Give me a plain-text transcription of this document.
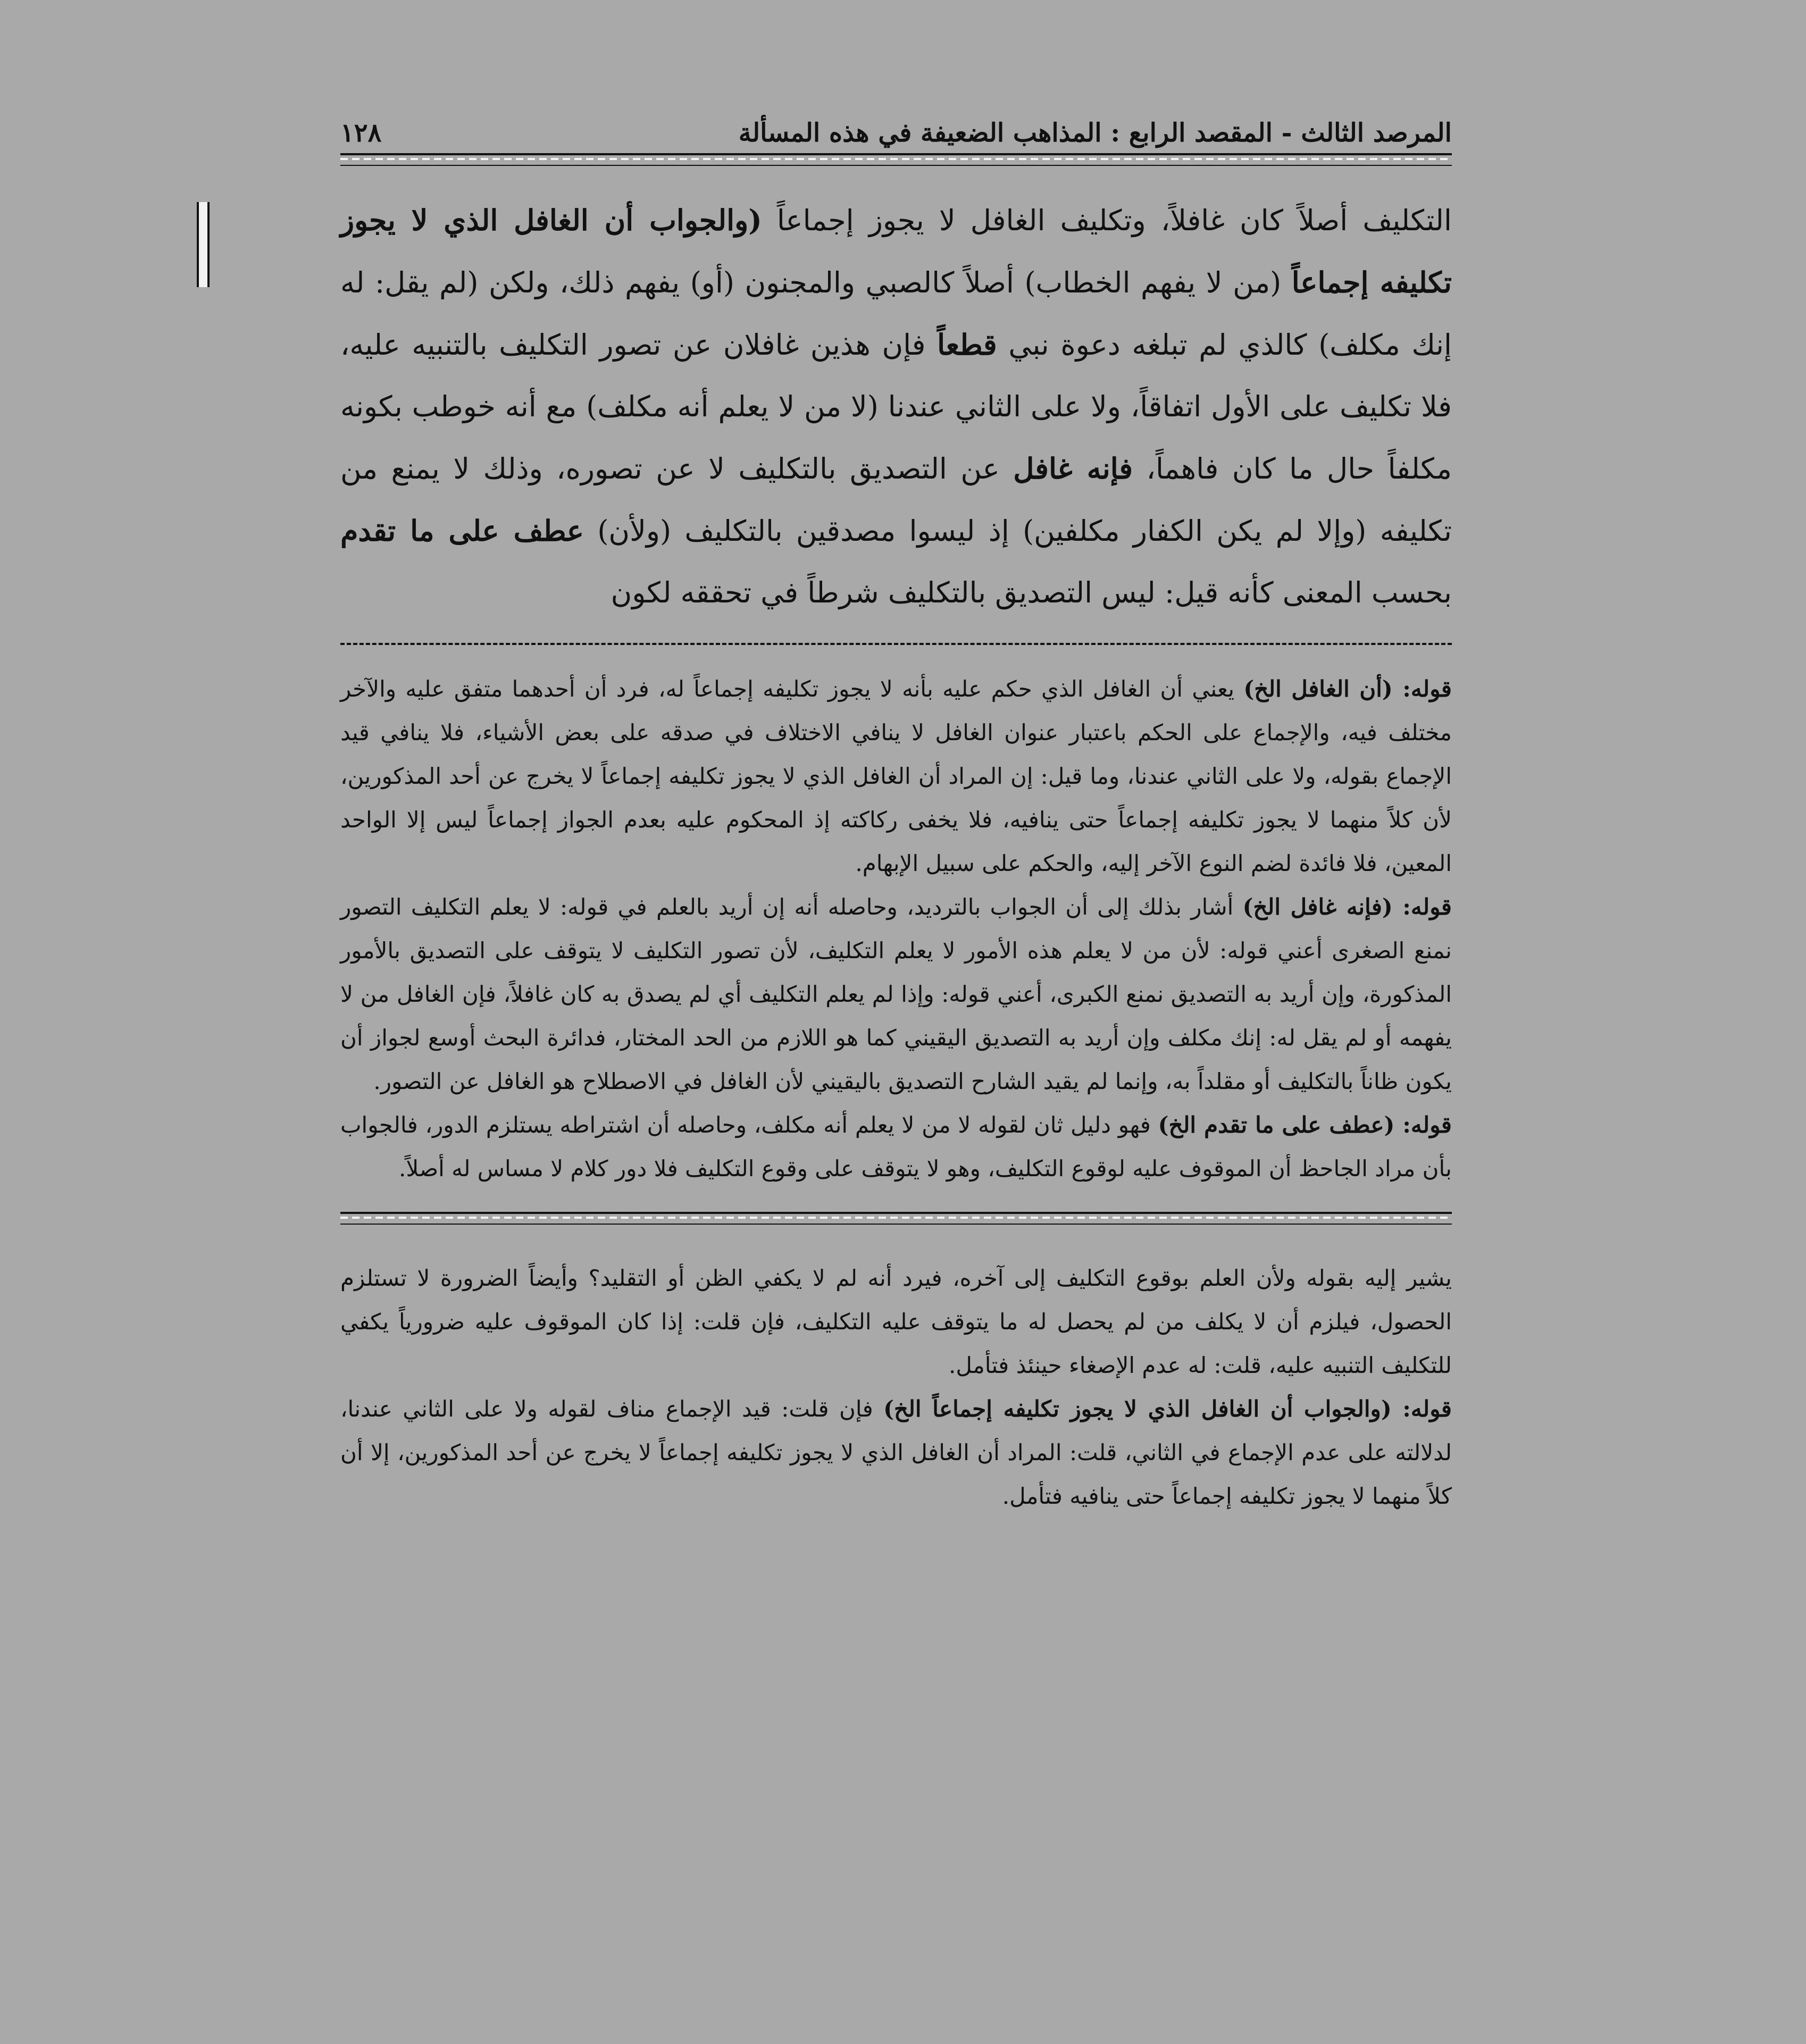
المرصد الثالث - المقصد الرابع : المذاهب الضعيفة في هذه المسألة
١٢٨
التكليف أصلاً كان غافلاً، وتكليف الغافل لا يجوز إجماعاً (والجواب أن الغافل الذي لا يجوز تكليفه إجماعاً (من لا يفهم الخطاب) أصلاً كالصبي والمجنون (أو) يفهم ذلك، ولكن (لم يقل: له إنك مكلف) كالذي لم تبلغه دعوة نبي قطعاً فإن هذين غافلان عن تصور التكليف بالتنبيه عليه، فلا تكليف على الأول اتفاقاً، ولا على الثاني عندنا (لا من لا يعلم أنه مكلف) مع أنه خوطب بكونه مكلفاً حال ما كان فاهماً، فإنه غافل عن التصديق بالتكليف لا عن تصوره، وذلك لا يمنع من تكليفه (وإلا لم يكن الكفار مكلفين) إذ ليسوا مصدقين بالتكليف (ولأن) عطف على ما تقدم بحسب المعنى كأنه قيل: ليس التصديق بالتكليف شرطاً في تحققه لكون

قوله: (أن الغافل الخ) يعني أن الغافل الذي حكم عليه بأنه لا يجوز تكليفه إجماعاً له، فرد أن أحدهما متفق عليه والآخر مختلف فيه، والإجماع على الحكم باعتبار عنوان الغافل لا ينافي الاختلاف في صدقه على بعض الأشياء، فلا ينافي قيد الإجماع بقوله، ولا على الثاني عندنا، وما قيل: إن المراد أن الغافل الذي لا يجوز تكليفه إجماعاً لا يخرج عن أحد المذكورين، لأن كلاً منهما لا يجوز تكليفه إجماعاً حتى ينافيه، فلا يخفى ركاكته إذ المحكوم عليه بعدم الجواز إجماعاً ليس إلا الواحد المعين، فلا فائدة لضم النوع الآخر إليه، والحكم على سبيل الإبهام.

قوله: (فإنه غافل الخ) أشار بذلك إلى أن الجواب بالترديد، وحاصله أنه إن أريد بالعلم في قوله: لا يعلم التكليف التصور نمنع الصغرى أعني قوله: لأن من لا يعلم هذه الأمور لا يعلم التكليف، لأن تصور التكليف لا يتوقف على التصديق بالأمور المذكورة، وإن أريد به التصديق نمنع الكبرى، أعني قوله: وإذا لم يعلم التكليف أي لم يصدق به كان غافلاً، فإن الغافل من لا يفهمه أو لم يقل له: إنك مكلف وإن أريد به التصديق اليقيني كما هو اللازم من الحد المختار، فدائرة البحث أوسع لجواز أن يكون ظاناً بالتكليف أو مقلداً به، وإنما لم يقيد الشارح التصديق باليقيني لأن الغافل في الاصطلاح هو الغافل عن التصور.

قوله: (عطف على ما تقدم الخ) فهو دليل ثان لقوله لا من لا يعلم أنه مكلف، وحاصله أن اشتراطه يستلزم الدور، فالجواب بأن مراد الجاحظ أن الموقوف عليه لوقوع التكليف، وهو لا يتوقف على وقوع التكليف فلا دور كلام لا مساس له أصلاً.

يشير إليه بقوله ولأن العلم بوقوع التكليف إلى آخره، فيرد أنه لم لا يكفي الظن أو التقليد؟ وأيضاً الضرورة لا تستلزم الحصول، فيلزم أن لا يكلف من لم يحصل له ما يتوقف عليه التكليف، فإن قلت: إذا كان الموقوف عليه ضرورياً يكفي للتكليف التنبيه عليه، قلت: له عدم الإصغاء حينئذ فتأمل.

قوله: (والجواب أن الغافل الذي لا يجوز تكليفه إجماعاً الخ) فإن قلت: قيد الإجماع مناف لقوله ولا على الثاني عندنا، لدلالته على عدم الإجماع في الثاني، قلت: المراد أن الغافل الذي لا يجوز تكليفه إجماعاً لا يخرج عن أحد المذكورين، إلا أن كلاً منهما لا يجوز تكليفه إجماعاً حتى ينافيه فتأمل.
